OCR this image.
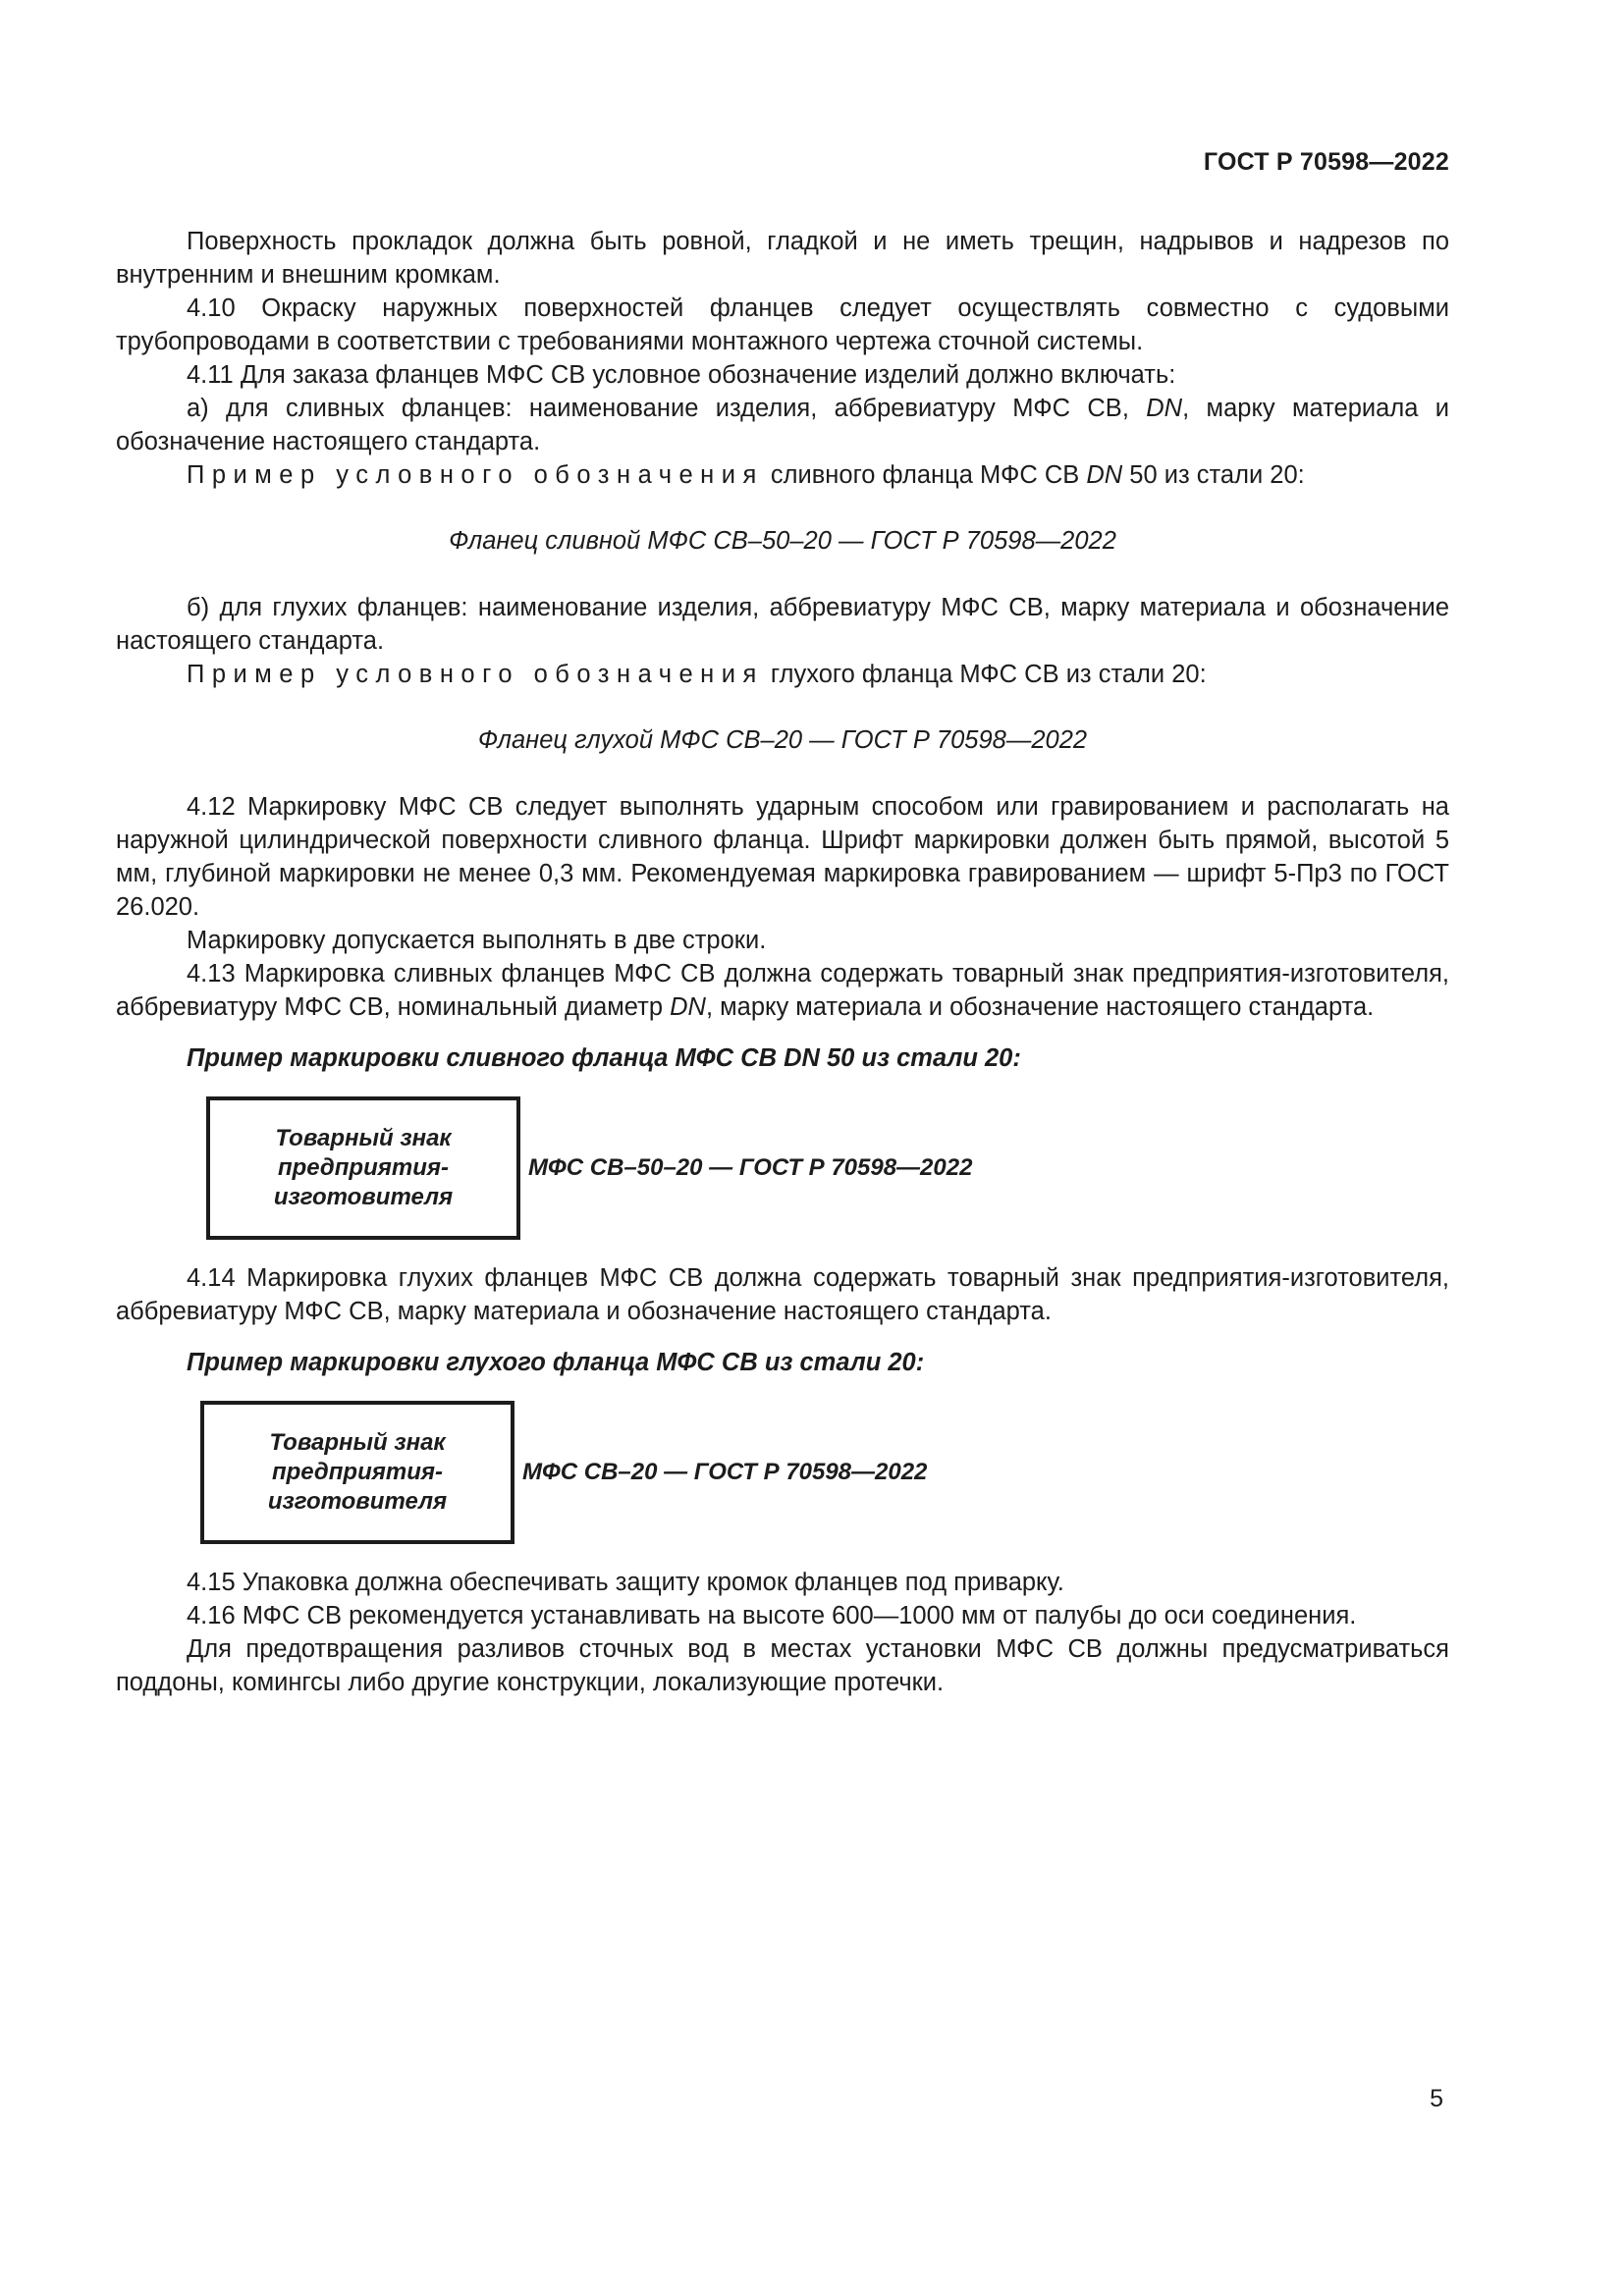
ГОСТ Р 70598—2022

Поверхность прокладок должна быть ровной, гладкой и не иметь трещин, надрывов и надрезов по внутренним и внешним кромкам.

4.10 Окраску наружных поверхностей фланцев следует осуществлять совместно с судовыми трубопроводами в соответствии с требованиями монтажного чертежа сточной системы.

4.11 Для заказа фланцев МФС СВ условное обозначение изделий должно включать:

а) для сливных фланцев: наименование изделия, аббревиатуру МФС СВ, DN, марку материала и обозначение настоящего стандарта.

Пример условного обозначения сливного фланца МФС СВ DN 50 из стали 20:

Фланец сливной МФС СВ–50–20 — ГОСТ Р 70598—2022

б) для глухих фланцев: наименование изделия, аббревиатуру МФС СВ, марку материала и обозначение настоящего стандарта.

Пример условного обозначения глухого фланца МФС СВ из стали 20:

Фланец глухой МФС СВ–20 — ГОСТ Р 70598—2022

4.12 Маркировку МФС СВ следует выполнять ударным способом или гравированием и располагать на наружной цилиндрической поверхности сливного фланца. Шрифт маркировки должен быть прямой, высотой 5 мм, глубиной маркировки не менее 0,3 мм. Рекомендуемая маркировка гравированием — шрифт 5-Пр3 по ГОСТ 26.020.

Маркировку допускается выполнять в две строки.

4.13 Маркировка сливных фланцев МФС СВ должна содержать товарный знак предприятия-изготовителя, аббревиатуру МФС СВ, номинальный диаметр DN, марку материала и обозначение настоящего стандарта.

Пример маркировки сливного фланца МФС СВ DN 50 из стали 20:

Товарный знак
предприятия-
изготовителя
МФС СВ–50–20 — ГОСТ Р 70598—2022

4.14 Маркировка глухих фланцев МФС СВ должна содержать товарный знак предприятия-изготовителя, аббревиатуру МФС СВ, марку материала и обозначение настоящего стандарта.

Пример маркировки глухого фланца МФС СВ из стали 20:

Товарный знак
предприятия-
изготовителя
МФС СВ–20 — ГОСТ Р 70598—2022

4.15 Упаковка должна обеспечивать защиту кромок фланцев под приварку.

4.16 МФС СВ рекомендуется устанавливать на высоте 600—1000 мм от палубы до оси соединения.

Для предотвращения разливов сточных вод в местах установки МФС СВ должны предусматриваться поддоны, комингсы либо другие конструкции, локализующие протечки.

5
